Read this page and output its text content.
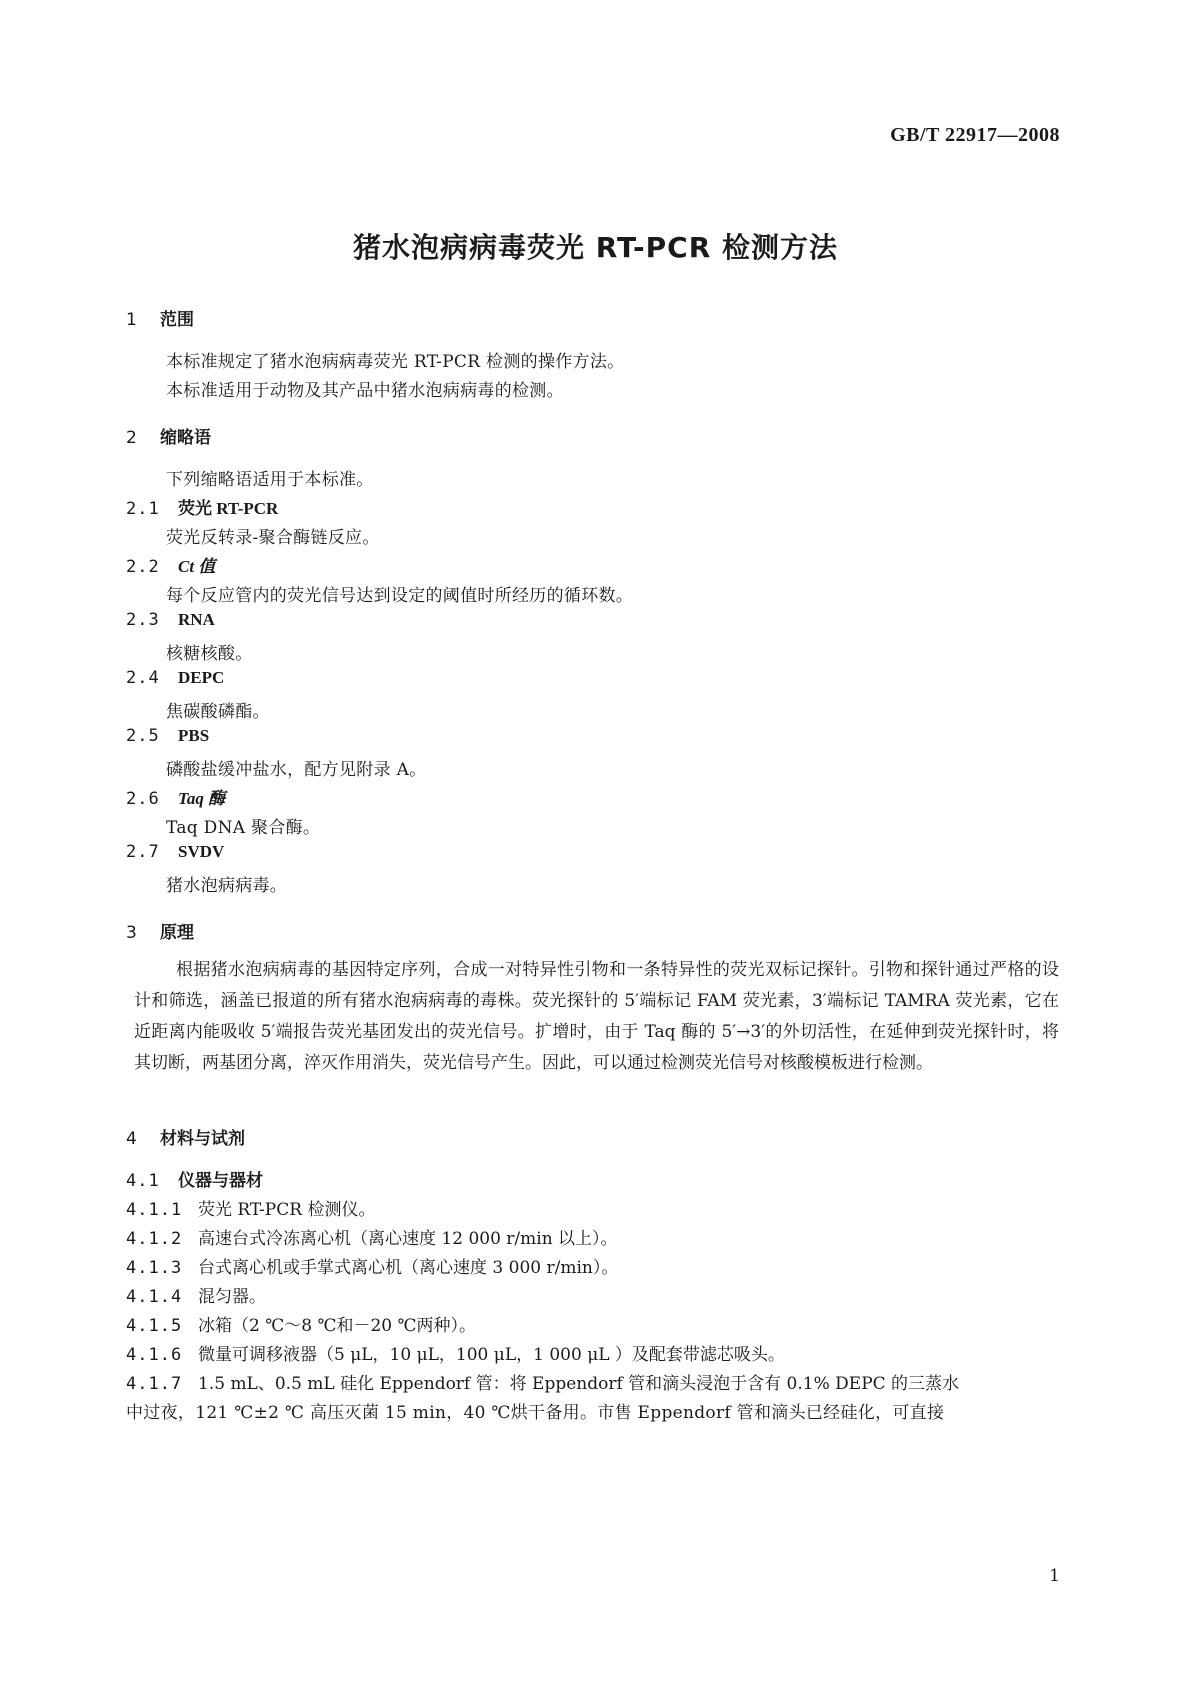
GB/T 22917—2008
猪水泡病病毒荧光 RT-PCR 检测方法
1 范围
本标准规定了猪水泡病病毒荧光 RT-PCR 检测的操作方法。
本标准适用于动物及其产品中猪水泡病病毒的检测。
2 缩略语
下列缩略语适用于本标准。
2.1 荧光 RT-PCR
荧光反转录-聚合酶链反应。
2.2 Ct 值
每个反应管内的荧光信号达到设定的阈值时所经历的循环数。
2.3 RNA
核糖核酸。
2.4 DEPC
焦碳酸磷酯。
2.5 PBS
磷酸盐缓冲盐水，配方见附录 A。
2.6 Taq 酶
Taq DNA 聚合酶。
2.7 SVDV
猪水泡病病毒。
3 原理
根据猪水泡病病毒的基因特定序列，合成一对特异性引物和一条特异性的荧光双标记探针。引物和探针通过严格的设计和筛选，涵盖已报道的所有猪水泡病病毒的毒株。荧光探针的 5′端标记 FAM 荧光素，3′端标记 TAMRA 荧光素，它在近距离内能吸收 5′端报告荧光基团发出的荧光信号。扩增时，由于 Taq 酶的 5′→3′的外切活性，在延伸到荧光探针时，将其切断，两基团分离，淬灭作用消失，荧光信号产生。因此，可以通过检测荧光信号对核酸模板进行检测。
4 材料与试剂
4.1 仪器与器材
4.1.1 荧光 RT-PCR 检测仪。
4.1.2 高速台式冷冻离心机（离心速度 12 000 r/min 以上）。
4.1.3 台式离心机或手掌式离心机（离心速度 3 000 r/min）。
4.1.4 混匀器。
4.1.5 冰箱（2 ℃～8 ℃和－20 ℃两种）。
4.1.6 微量可调移液器（5 μL，10 μL，100 μL，1 000 μL ）及配套带滤芯吸头。
4.1.7 1.5 mL、0.5 mL 硅化 Eppendorf 管：将 Eppendorf 管和滴头浸泡于含有 0.1% DEPC 的三蒸水
中过夜，121 ℃±2 ℃ 高压灭菌 15 min，40 ℃烘干备用。市售 Eppendorf 管和滴头已经硅化，可直接
1
